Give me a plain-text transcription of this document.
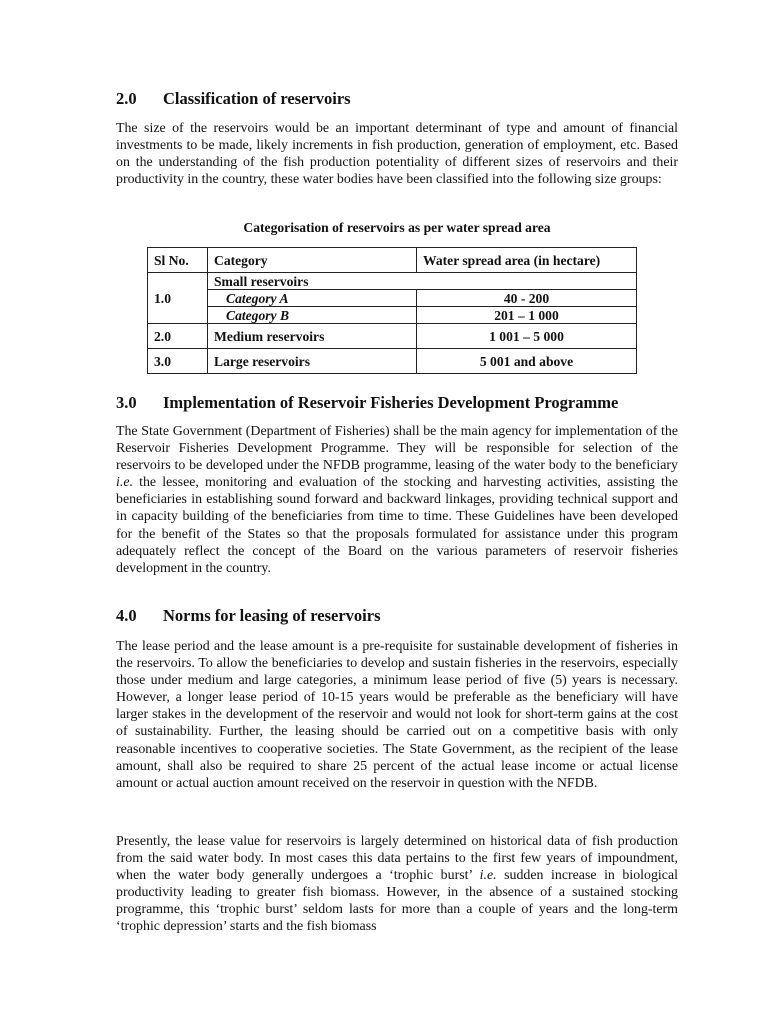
2.0	Classification of reservoirs

The size of the reservoirs would be an important determinant of type and amount of financial investments to be made, likely increments in fish production, generation of employment, etc. Based on the understanding of the fish production potentiality of different sizes of reservoirs and their productivity in the country, these water bodies have been classified into the following size groups:

Categorisation of reservoirs as per water spread area
Sl No.	Category	Water spread area (in hectare)
1.0	Small reservoirs	
	Category A	40 - 200
	Category B	201 – 1 000
2.0	Medium reservoirs	1 001 – 5 000
3.0	Large reservoirs	5 001 and above
3.0	Implementation of Reservoir Fisheries Development Programme

The State Government (Department of Fisheries) shall be the main agency for implementation of the Reservoir Fisheries Development Programme. They will be responsible for selection of the reservoirs to be developed under the NFDB programme, leasing of the water body to the beneficiary i.e. the lessee, monitoring and evaluation of the stocking and harvesting activities, assisting the beneficiaries in establishing sound forward and backward linkages, providing technical support and in capacity building of the beneficiaries from time to time. These Guidelines have been developed for the benefit of the States so that the proposals formulated for assistance under this program adequately reflect the concept of the Board on the various parameters of reservoir fisheries development in the country.

4.0	Norms for leasing of reservoirs

The lease period and the lease amount is a pre-requisite for sustainable development of fisheries in the reservoirs. To allow the beneficiaries to develop and sustain fisheries in the reservoirs, especially those under medium and large categories, a minimum lease period of five (5) years is necessary. However, a longer lease period of 10-15 years would be preferable as the beneficiary will have larger stakes in the development of the reservoir and would not look for short-term gains at the cost of sustainability. Further, the leasing should be carried out on a competitive basis with only reasonable incentives to cooperative societies. The State Government, as the recipient of the lease amount, shall also be required to share 25 percent of the actual lease income or actual license amount or actual auction amount received on the reservoir in question with the NFDB.

Presently, the lease value for reservoirs is largely determined on historical data of fish production from the said water body. In most cases this data pertains to the first few years of impoundment, when the water body generally undergoes a ‘trophic burst’ i.e. sudden increase in biological productivity leading to greater fish biomass. However, in the absence of a sustained stocking programme, this ‘trophic burst’ seldom lasts for more than a couple of years and the long-term ‘trophic depression’ starts and the fish biomass
